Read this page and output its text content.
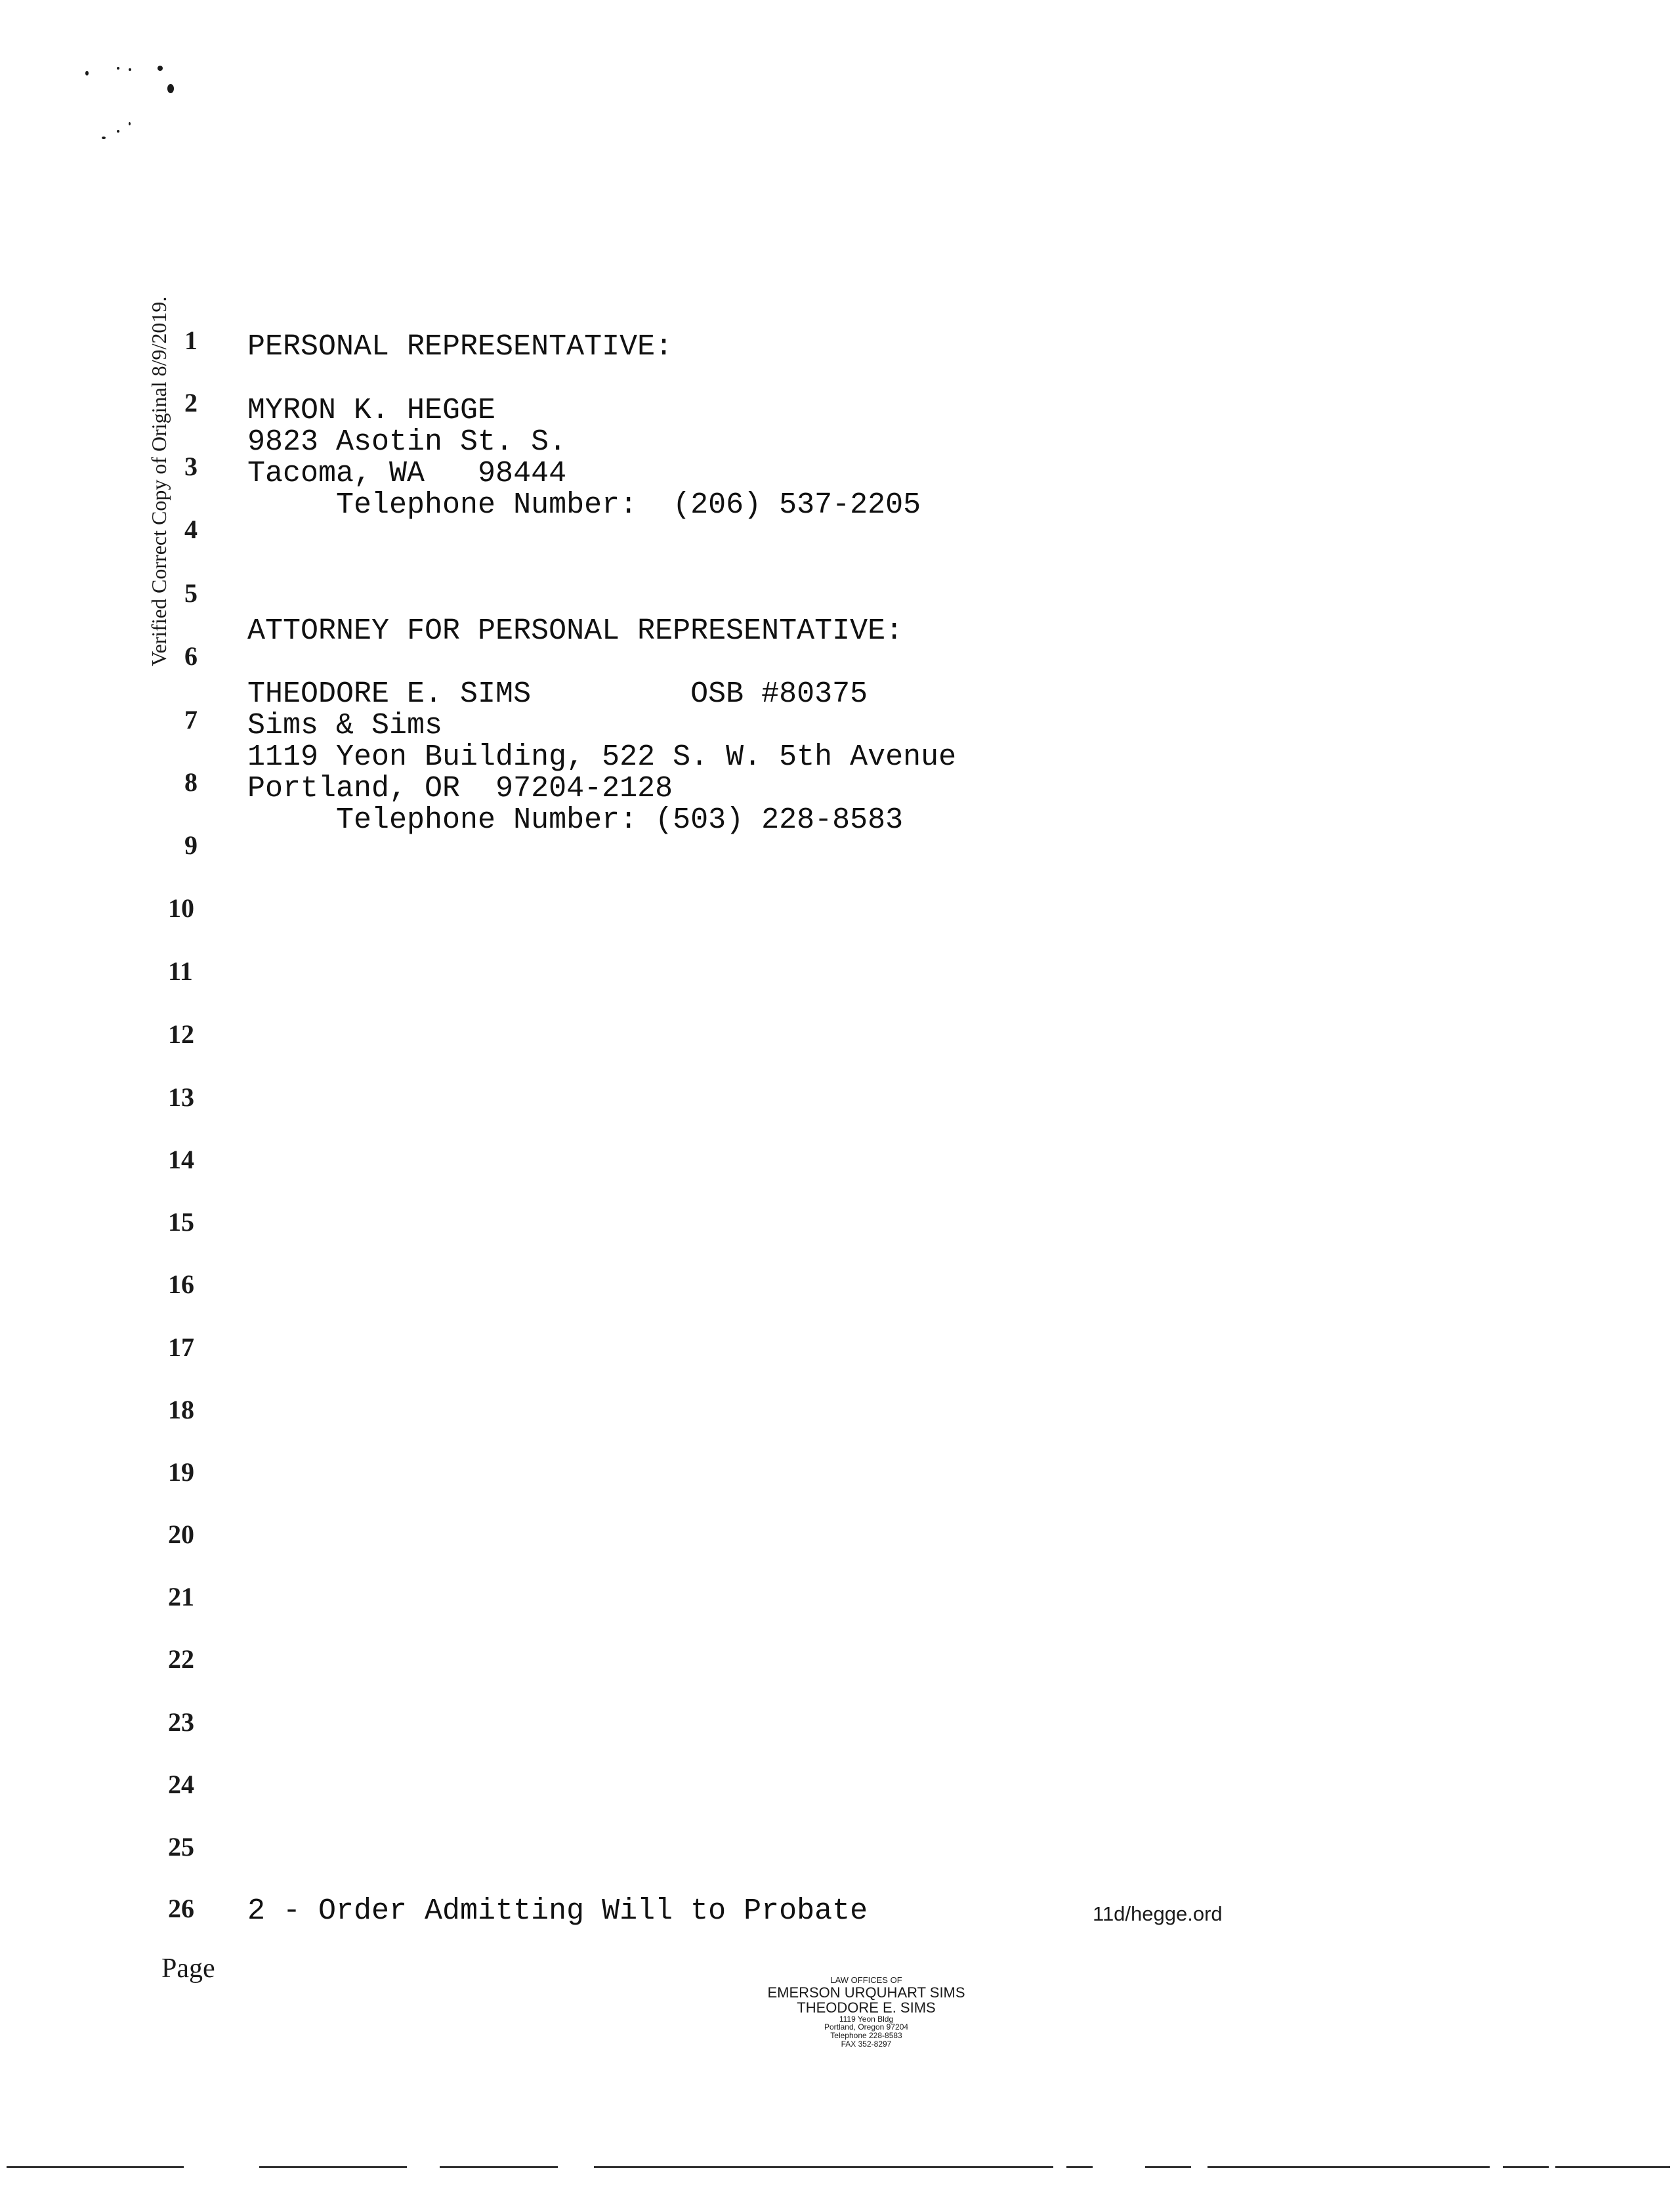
Verified Correct Copy of Original 8/9/2019. 1
2
3
4
5
6
7
8
9
10
11
12
13
14
15
16
17
18
19
20
21
22
23
24
25
26
PERSONAL REPRESENTATIVE:
MYRON K. HEGGE
9823 Asotin St. S.
Tacoma, WA   98444
Telephone Number:  (206) 537-2205
ATTORNEY FOR PERSONAL REPRESENTATIVE:
THEODORE E. SIMS         OSB #80375
Sims & Sims
1119 Yeon Building, 522 S. W. 5th Avenue
Portland, OR  97204-2128
Telephone Number: (503) 228-8583
2 - Order Admitting Will to Probate	11d/hegge.ord
Page	LAW OFFICES OF
EMERSON URQUHART SIMS
THEODORE E. SIMS
1119 Yeon Bldg
Portland, Oregon 97204
Telephone 228-8583
FAX 352-8297
